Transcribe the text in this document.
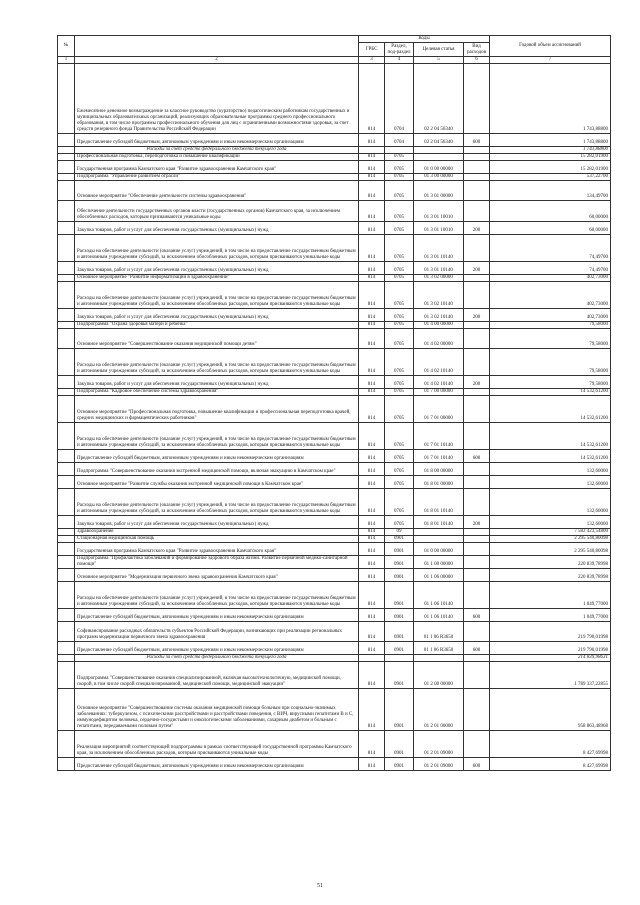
№		Коды				Годовой объем ассигнований
		ГРБС	Раздел, под-раздел	Целевая статья	Вид расходов	
1	2	3	4	5	6	7
	Ежемесячное денежное вознаграждение за классное руководство (кураторство) педагогическим работникам государственных и муниципальных образовательных организаций, реализующих образовательные программы среднего профессионального образования, в том числе программы профессионального обучения для лиц с ограниченными возможностями здоровья, за счет средств резервного фонда Правительства Российской Федерации	814	0704	02 2 04 56340		1 743,88800
	Предоставление субсидий бюджетным, автономным учреждениям и иным некоммерческим организациям	814	0704	02 2 04 56340	600	1 743,88800
	Расходы за счет средств федерального бюджета текущего года					1 743,88800
	Профессиональная подготовка, переподготовка и повышение квалификации	814	0705			15 282,01900
	Государственная программа Камчатского края "Развитие здравоохранения Камчатского края"	814	0705	01 0 00 00000		15 282,01900
	Подпрограмма "Управление развитием отрасли"	814	0705	01 3 00 00000		537,22700
	Основное мероприятие "Обеспечение деятельности системы здравоохранения"	814	0705	01 3 01 00000		134,49700
	Обеспечение деятельности государственных органов власти (государственных органов) Камчатского края, за исключением обособленных расходов, которым присваиваются уникальные коды	814	0705	01 3 01 10010		60,00000
	Закупка товаров, работ и услуг для обеспечения государственных (муниципальных) нужд	814	0705	01 3 01 10010	200	60,00000
	Расходы на обеспечение деятельности (оказание услуг) учреждений, в том числе на предоставление государственным бюджетным и автономным учреждениям субсидий, за исключением обособленных расходов, которым присваиваются уникальные коды	814	0705	01 3 01 10140		74,49700
	Закупка товаров, работ и услуг для обеспечения государственных (муниципальных) нужд	814	0705	01 3 01 10140	200	74,49700
	Основное мероприятие "Развитие информатизации в здравоохранении"	814	0705	01 3 02 00000		402,73000
	Расходы на обеспечение деятельности (оказание услуг) учреждений, в том числе на предоставление государственным бюджетным и автономным учреждениям субсидий, за исключением обособленных расходов, которым присваиваются уникальные коды	814	0705	01 3 02 10140		402,73000
	Закупка товаров, работ и услуг для обеспечения государственных (муниципальных) нужд	814	0705	01 3 02 10140	200	402,73000
	Подпрограмма "Охрана здоровья матери и ребенка"	814	0705	01 4 00 00000		79,58000
	Основное мероприятие "Совершенствование оказания медицинской помощи детям"	814	0705	01 4 02 00000		79,58000
	Расходы на обеспечение деятельности (оказание услуг) учреждений, в том числе на предоставление государственным бюджетным и автономным учреждениям субсидий, за исключением обособленных расходов, которым присваиваются уникальные коды	814	0705	01 4 02 10140		79,58000
	Закупка товаров, работ и услуг для обеспечения государственных (муниципальных) нужд	814	0705	01 4 02 10140	200	79,58000
	Подпрограмма "Кадровое обеспечение системы здравоохранения"	814	0705	01 7 00 00000		14 532,61200
	Основное мероприятие "Профессиональная подготовка, повышение квалификации и профессиональная переподготовка врачей, средних медицинских и фармацевтических работников"	814	0705	01 7 01 00000		14 532,61200
	Расходы на обеспечение деятельности (оказание услуг) учреждений, в том числе на предоставление государственным бюджетным и автономным учреждениям субсидий, за исключением обособленных расходов, которым присваиваются уникальные коды	814	0705	01 7 01 10140		14 532,61200
	Предоставление субсидий бюджетным, автономным учреждениям и иным некоммерческим организациям	814	0705	01 7 01 10140	600	14 532,61200
	Подпрограмма "Совершенствование оказания экстренной медицинской помощи, включая эвакуацию в Камчатском крае"	814	0705	01 8 00 00000		132,60000
	Основное мероприятие "Развитие службы оказания экстренной медицинской помощи в Камчатском крае"	814	0705	01 8 01 00000		132,60000
	Расходы на обеспечение деятельности (оказание услуг) учреждений, в том числе на предоставление государственным бюджетным и автономным учреждениям субсидий, за исключением обособленных расходов, которым присваиваются уникальные коды	814	0705	01 8 01 10140		132,60000
	Закупка товаров, работ и услуг для обеспечения государственных (муниципальных) нужд	814	0705	01 8 01 10140	200	132,60000
	Здравоохранение	814	09			7 582 423,54800
	Стационарная медицинская помощь	814	0901			2 295 540,80098
	Государственная программа Камчатского края "Развитие здравоохранения Камчатского края"	814	0901	01 0 00 00000		2 295 540,80098
	Подпрограмма "Профилактика заболеваний и формирование здорового образа жизни. Развитие первичной медико-санитарной помощи"	814	0901	01 1 00 00000		220 839,78998
	Основное мероприятие "Модернизация первичного звена здравоохранения Камчатского края"	814	0901	01 1 06 00000		220 839,78998
	Расходы на обеспечение деятельности (оказание услуг) учреждений, в том числе на предоставление государственным бюджетным и автономным учреждениям субсидий, за исключением обособленных расходов, которым присваиваются уникальные коды	814	0901	01 1 06 10140		1 049,77000
	Предоставление субсидий бюджетным, автономным учреждениям и иным некоммерческим организациям	814	0901	01 1 06 10140	600	1 049,77000
	Софинансирование расходных обязательств субъектов Российской Федерации, возникающих при реализации региональных программ модернизации первичного звена здравоохранения	814	0901	01 1 06 R3650		219 790,01998
	Предоставление субсидий бюджетным, автономным учреждениям и иным некоммерческим организациям	814	0901	01 1 06 R3650	600	219 790,01998
	Расходы за счет средств федерального бюджета текущего года					214 839,98631
	Подпрограмма "Совершенствование оказания специализированной, включая высокотехнологичную, медицинской помощи, скорой, в том числе скорой специализированной, медицинской помощи, медицинской эвакуации"	814	0901	01 2 00 00000		1 789 337,22855
	Основное мероприятие "Совершенствование системы оказания медицинской помощи больным при социально-значимых заболеваниях: туберкулезом, с психическими расстройствами и расстройствами поведения, с ВИЧ, вирусными гепатитами B и C, иммунодефицитом человека, сердечно-сосудистыми и онкологическими заболеваниями, сахарным диабетом и больным с гепатитами, передаваемыми половым путем"	814	0901	01 2 01 00000		958 863,48968
	Реализация мероприятий соответствующей подпрограммы в рамках соответствующей государственной программы Камчатского края, за исключением обособленных расходов, которым присваиваются уникальные коды	814	0901	01 2 01 09000		8 427,69998
	Предоставление субсидий бюджетным, автономным учреждениям и иным некоммерческим организациям	814	0901	01 2 01 09000	600	8 427,69998
51
